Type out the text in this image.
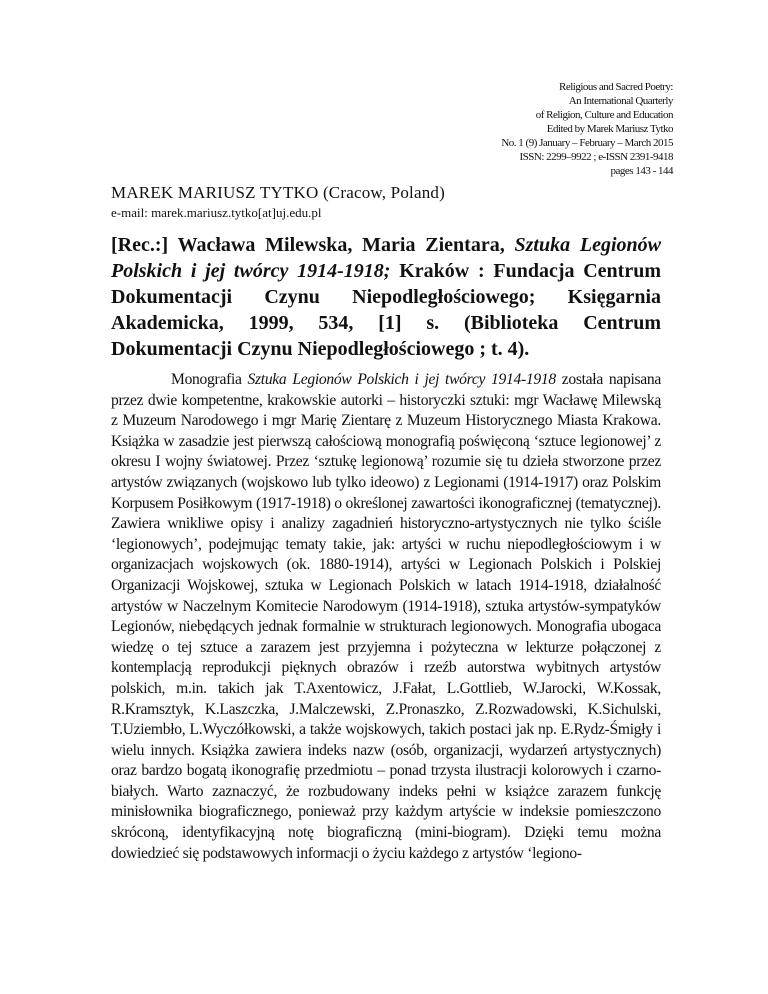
Religious and Sacred Poetry:
An International Quarterly
of Religion, Culture and Education
Edited by Marek Mariusz Tytko
No. 1 (9) January – February – March 2015
ISSN: 2299–9922 ; e-ISSN 2391-9418
pages 143 - 144
MAREK MARIUSZ TYTKO (Cracow, Poland)
e-mail: marek.mariusz.tytko[at]uj.edu.pl
[Rec.:] Wacława Milewska, Maria Zientara, Sztuka Legionów Polskich i jej twórcy 1914-1918; Kraków : Fundacja Centrum Dokumentacji Czynu Niepodległościowego; Księgarnia Akademicka, 1999, 534, [1] s. (Biblioteka Centrum Dokumentacji Czynu Niepodległościowego ; t. 4).

Monografia Sztuka Legionów Polskich i jej twórcy 1914-1918 została napisana przez dwie kompetentne, krakowskie autorki – historyczki sztuki: mgr Wacławę Milewską z Muzeum Narodowego i mgr Marię Zientarę z Muzeum Historycznego Miasta Krakowa. Książka w zasadzie jest pierwszą całościową monografią poświęconą ‘sztuce legionowej’ z okresu I wojny światowej. Przez ‘sztukę legionową’ rozumie się tu dzieła stworzone przez artystów związanych (wojskowo lub tylko ideowo) z Legionami (1914-1917) oraz Polskim Korpusem Posiłkowym (1917-1918) o określonej zawartości ikonograficznej (tematycznej). Zawiera wnikliwe opisy i analizy zagadnień historyczno-artystycznych nie tylko ściśle ‘legionowych’, podejmując tematy takie, jak: artyści w ruchu niepodległościowym i w organizacjach wojskowych (ok. 1880-1914), artyści w Legionach Polskich i Polskiej Organizacji Wojskowej, sztuka w Legionach Polskich w latach 1914-1918, działalność artystów w Naczelnym Komitecie Narodowym (1914-1918), sztuka artystów-sympatyków Legionów, niebędących jednak formalnie w strukturach legionowych. Monografia ubogaca wiedzę o tej sztuce a zarazem jest przyjemna i pożyteczna w lekturze połączonej z kontemplacją reprodukcji pięknych obrazów i rzeźb autorstwa wybitnych artystów polskich, m.in. takich jak T.Axentowicz, J.Fałat, L.Gottlieb, W.Jarocki, W.Kossak, R.Kramsztyk, K.Laszczka, J.Malczewski, Z.Pronaszko, Z.Rozwadowski, K.Sichulski, T.Uziembło, L.Wyczółkowski, a także wojskowych, takich postaci jak np. E.Rydz-Śmigły i wielu innych. Książka zawiera indeks nazw (osób, organizacji, wydarzeń artystycznych) oraz bardzo bogatą ikonografię przedmiotu – ponad trzysta ilustracji kolorowych i czarno-białych. Warto zaznaczyć, że rozbudowany indeks pełni w książce zarazem funkcję minisłownika biograficznego, ponieważ przy każdym artyście w indeksie pomieszczono skróconą, identyfikacyjną notę biograficzną (mini-biogram). Dzięki temu można dowiedzieć się podstawowych informacji o życiu każdego z artystów ‘legiono-
